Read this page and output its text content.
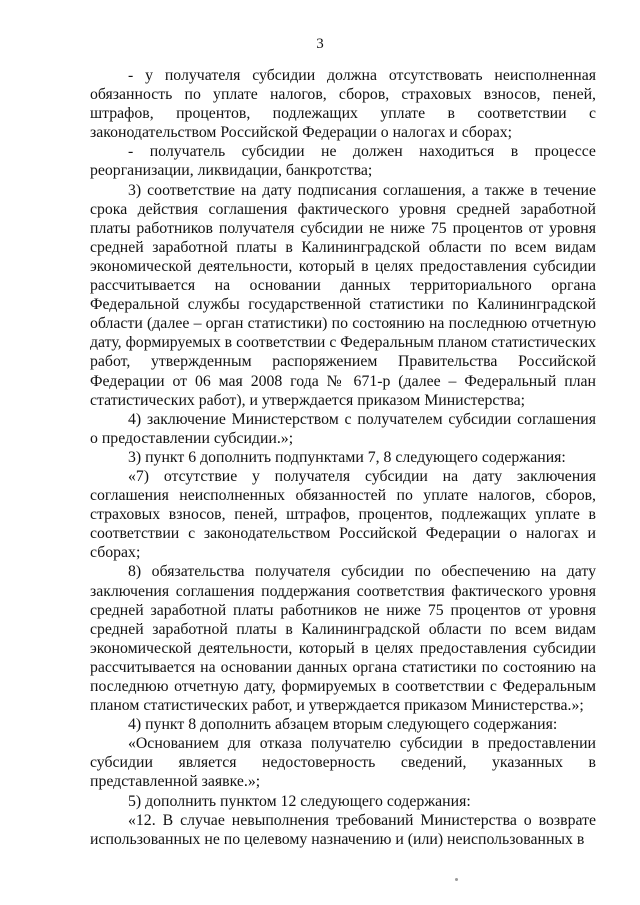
3

- у получателя субсидии должна отсутствовать неисполненная обязанность по уплате налогов, сборов, страховых взносов, пеней, штрафов, процентов, подлежащих уплате в соответствии с законодательством Российской Федерации о налогах и сборах;

- получатель субсидии не должен находиться в процессе

реорганизации, ликвидации, банкротства;

3) соответствие на дату подписания соглашения, а также в течение срока действия соглашения фактического уровня средней заработной платы работников получателя субсидии не ниже 75 процентов от уровня средней заработной платы в Калининградской области по всем видам экономической деятельности, который в целях предоставления субсидии рассчитывается на основании данных территориального органа Федеральной службы государственной статистики по Калининградской области (далее – орган статистики) по состоянию на последнюю отчетную дату, формируемых в соответствии с Федеральным планом статистических работ, утвержденным распоряжением Правительства Российской Федерации от 06 мая 2008 года № 671-р (далее – Федеральный план статистических работ), и утверждается приказом Министерства;

4) заключение Министерством с получателем субсидии соглашения о предоставлении субсидии.»;

3) пункт 6 дополнить подпунктами 7, 8 следующего содержания:

«7) отсутствие у получателя субсидии на дату заключения соглашения неисполненных обязанностей по уплате налогов, сборов, страховых взносов, пеней, штрафов, процентов, подлежащих уплате в соответствии с законодательством Российской Федерации о налогах и сборах;

8) обязательства получателя субсидии по обеспечению на дату заключения соглашения поддержания соответствия фактического уровня средней заработной платы работников не ниже 75 процентов от уровня средней заработной платы в Калининградской области по всем видам экономической деятельности, который в целях предоставления субсидии рассчитывается на основании данных органа статистики по состоянию на последнюю отчетную дату, формируемых в соответствии с Федеральным планом статистических работ, и утверждается приказом Министерства.»;

4) пункт 8 дополнить абзацем вторым следующего содержания:

«Основанием для отказа получателю субсидии в предоставлении субсидии является недостоверность сведений, указанных в представленной заявке.»;

5) дополнить пунктом 12 следующего содержания:

«12. В случае невыполнения требований Министерства о возврате использованных не по целевому назначению и (или) неиспользованных в
